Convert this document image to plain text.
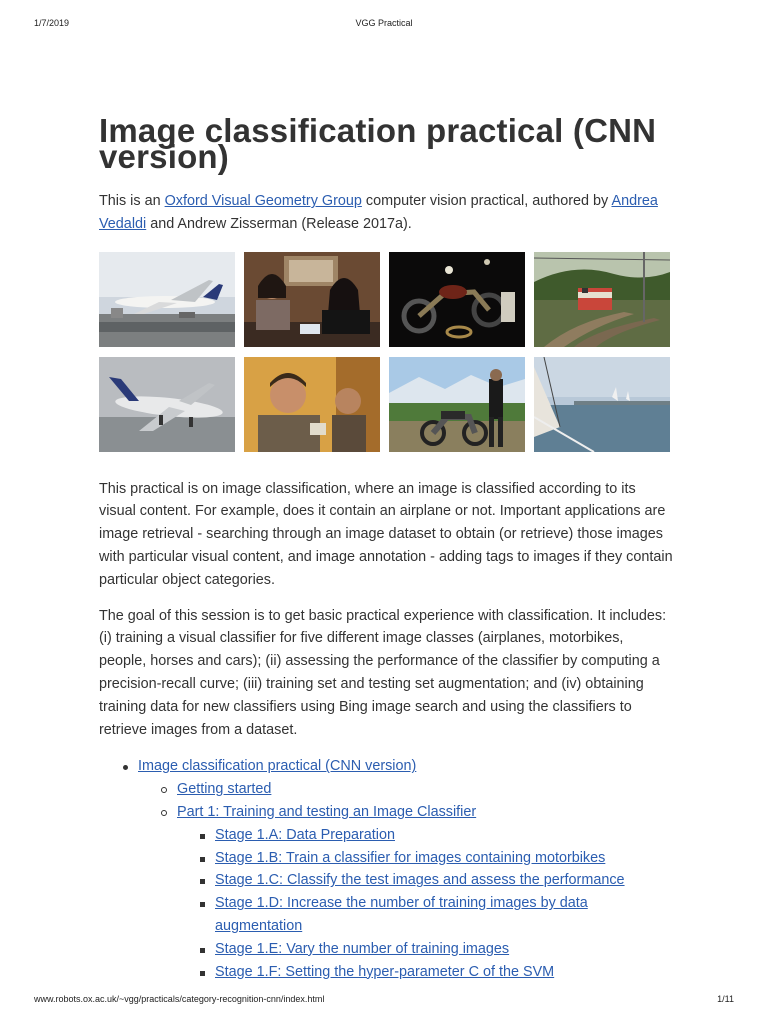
1/7/2019	VGG Practical
Image classification practical (CNN version)

This is an Oxford Visual Geometry Group computer vision practical, authored by Andrea Vedaldi and Andrew Zisserman (Release 2017a).

This practical is on image classification, where an image is classified according to its visual content. For example, does it contain an airplane or not. Important applications are image retrieval - searching through an image dataset to obtain (or retrieve) those images with particular visual content, and image annotation - adding tags to images if they contain particular object categories.

The goal of this session is to get basic practical experience with classification. It includes: (i) training a visual classifier for five different image classes (airplanes, motorbikes, people, horses and cars); (ii) assessing the performance of the classifier by computing a precision-recall curve; (iii) training set and testing set augmentation; and (iv) obtaining training data for new classifiers using Bing image search and using the classifiers to retrieve images from a dataset.

Image classification practical (CNN version)
Getting started
Part 1: Training and testing an Image Classifier
Stage 1.A: Data Preparation
Stage 1.B: Train a classifier for images containing motorbikes
Stage 1.C: Classify the test images and assess the performance
Stage 1.D: Increase the number of training images by data augmentation
Stage 1.E: Vary the number of training images
Stage 1.F: Setting the hyper-parameter C of the SVM
www.robots.ox.ac.uk/~vgg/practicals/category-recognition-cnn/index.html	1/11
